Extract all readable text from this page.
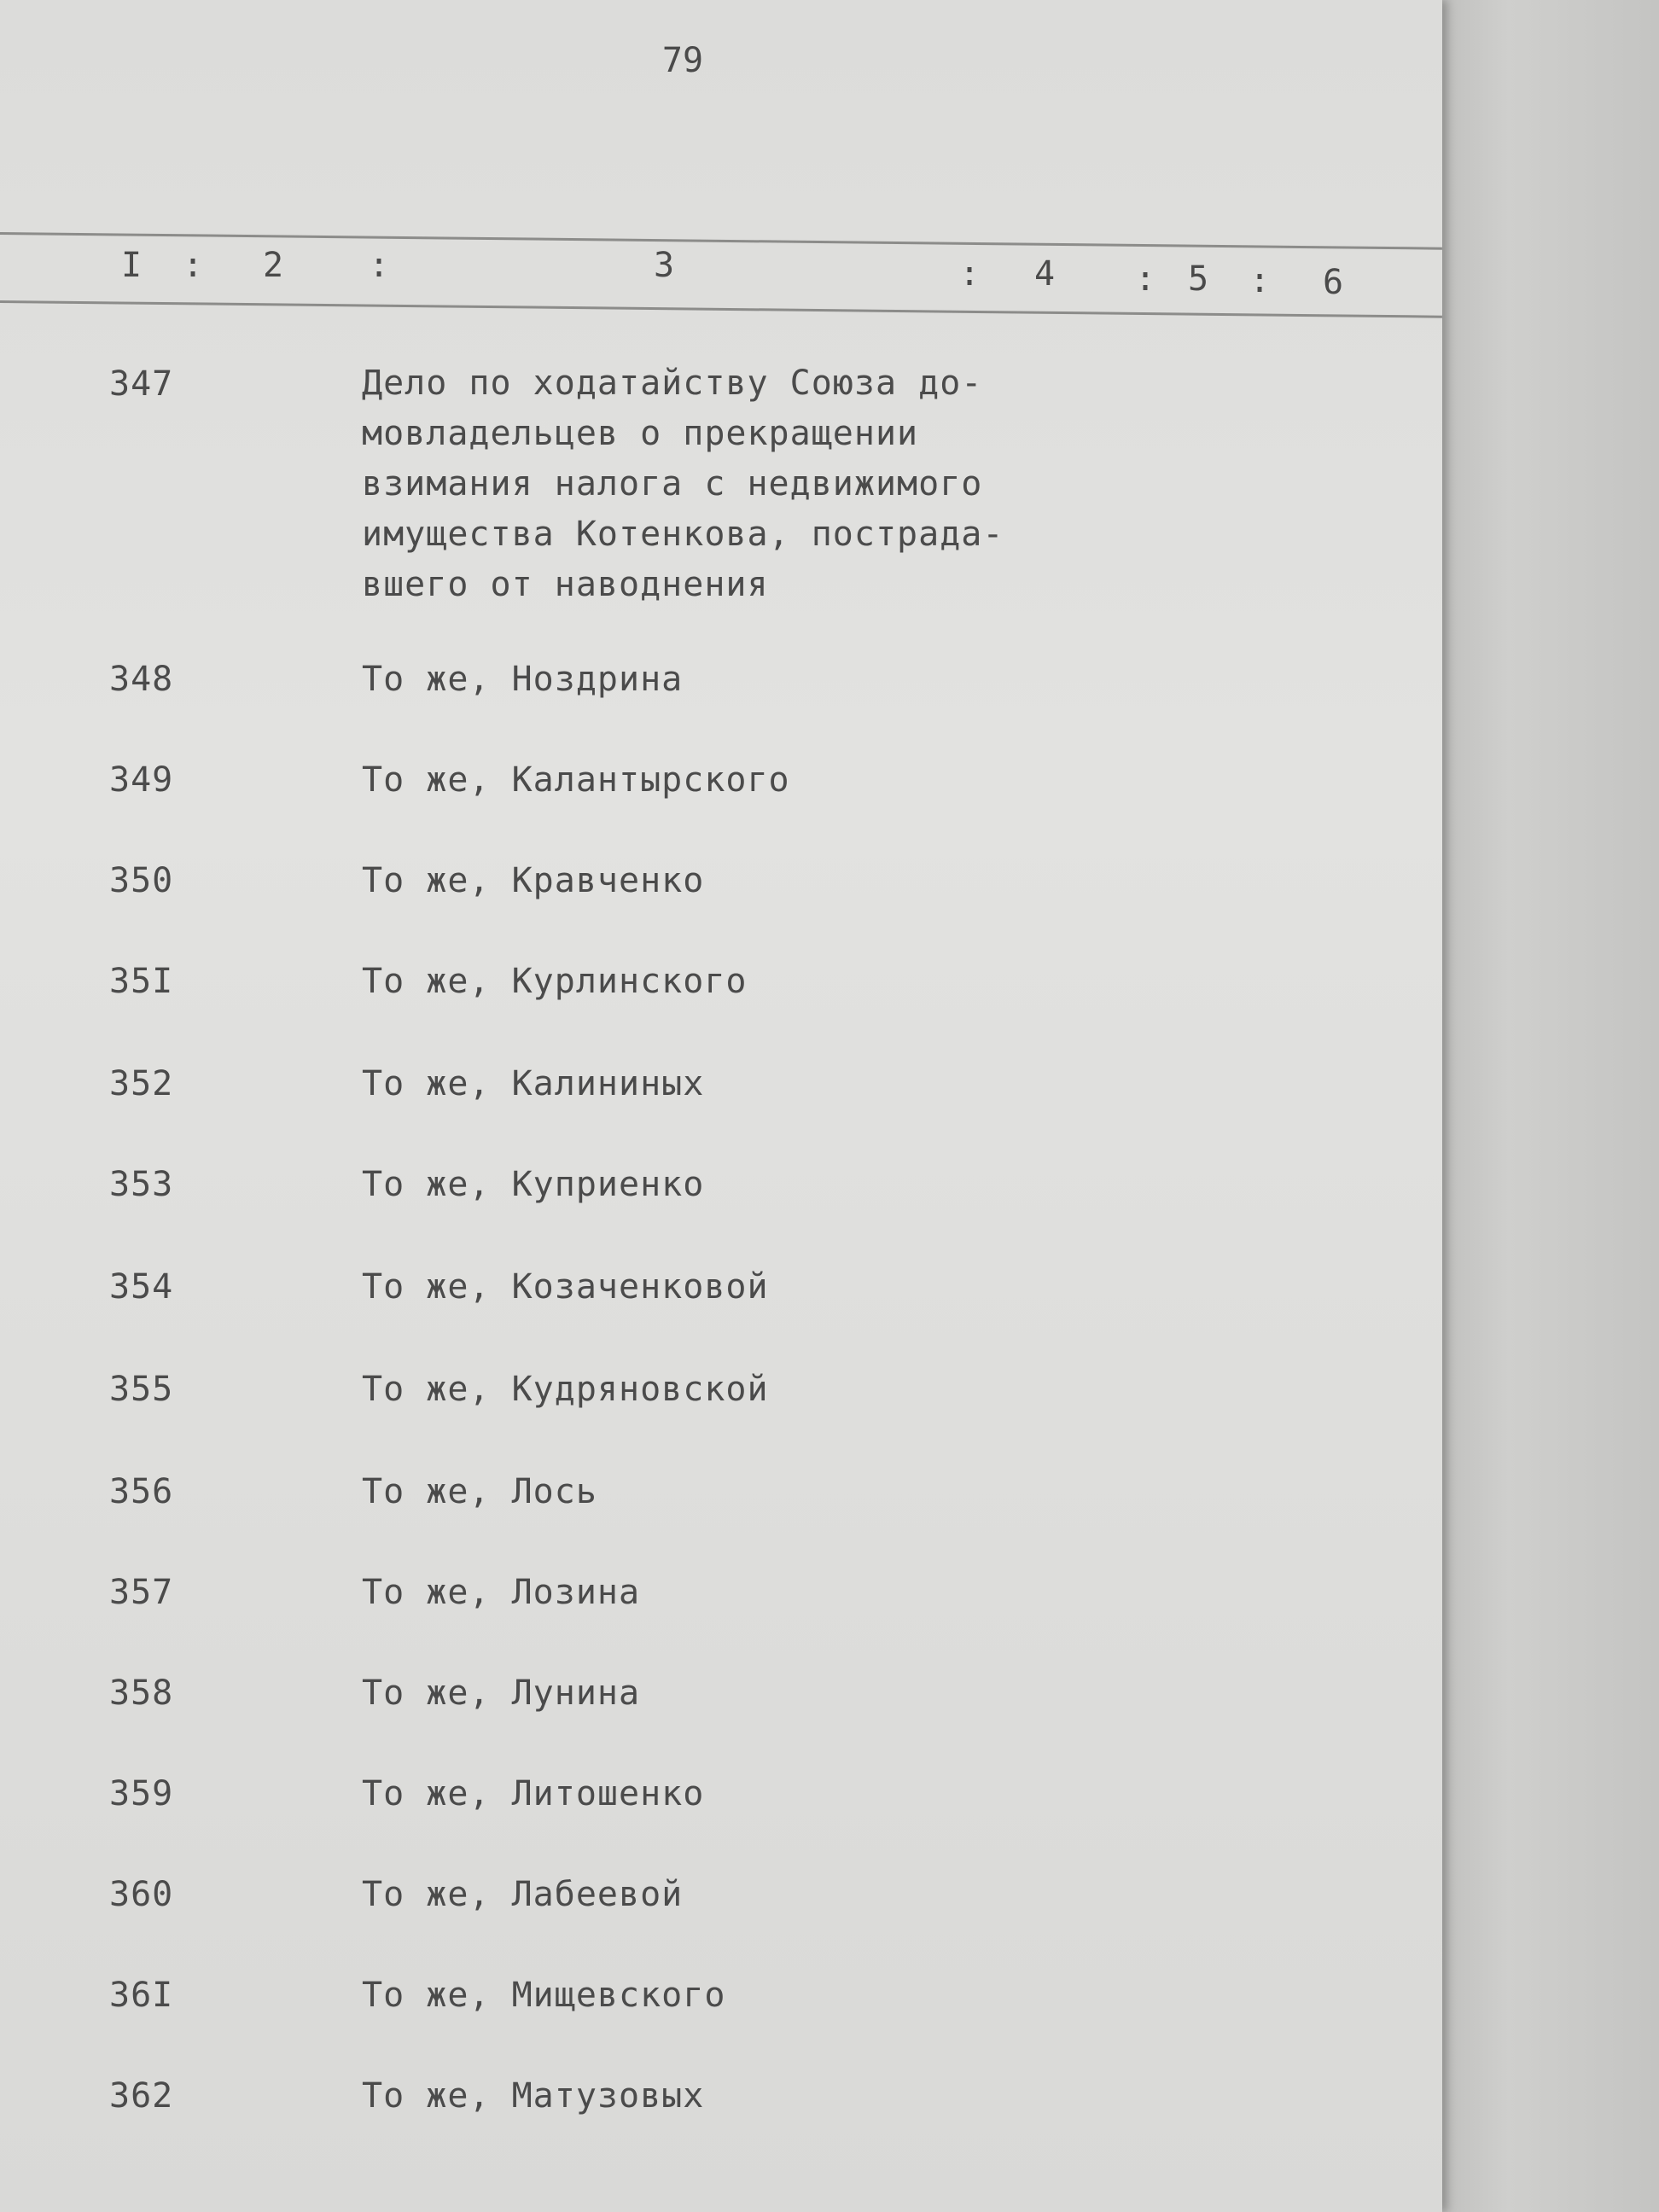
79
I : 2 :	3	: 4 : 5 : 6
347	Дело по ходатайству Союза до-
мовладельцев о прекращении
взимания налога с недвижимого
имущества Котенкова, пострада-
вшего от наводнения
348	То же, Ноздрина
349	То же, Калантырского
350	То же, Кравченко
35I	То же, Курлинского
352	То же, Калининых
353	То же, Куприенко
354	То же, Козаченковой
355	То же, Кудряновской
356	То же, Лось
357	То же, Лозина
358	То же, Лунина
359	То же, Литошенко
360	То же, Лабеевой
36I	То же, Мищевского
362	То же, Матузовых
